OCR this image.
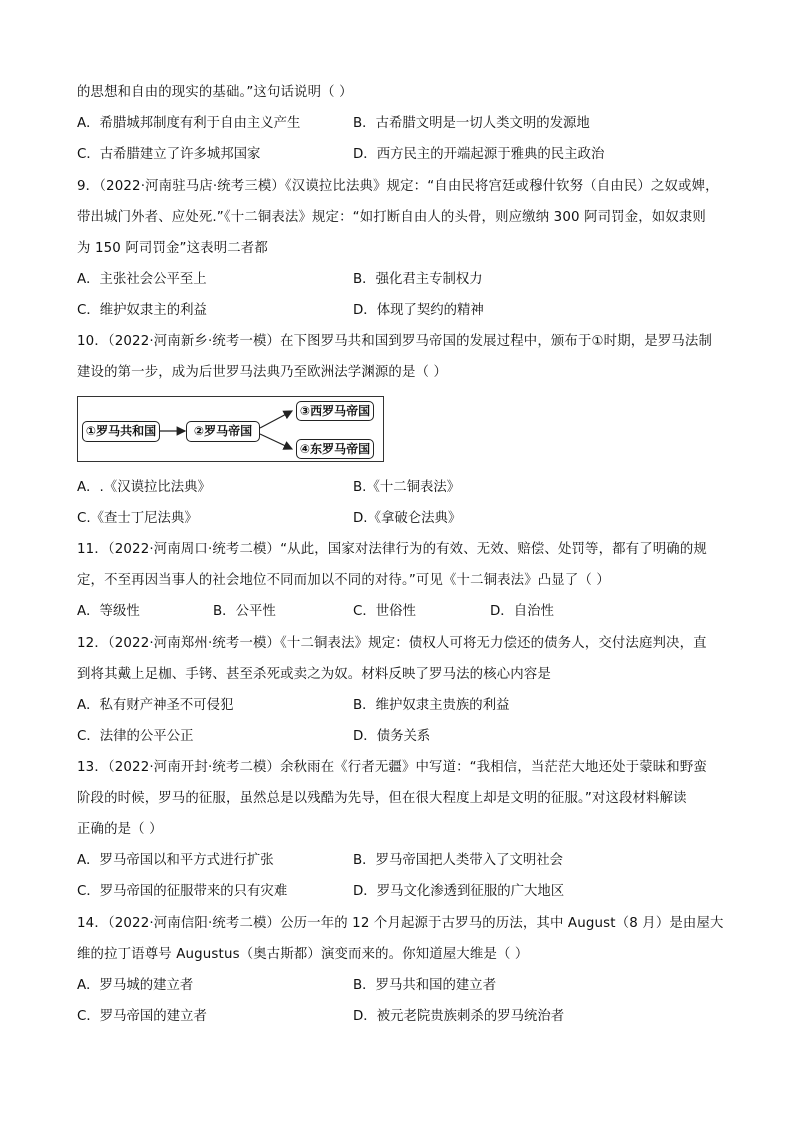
的思想和自由的现实的基础。”这句话说明（ ）
A．希腊城邦制度有利于自由主义产生	B．古希腊文明是一切人类文明的发源地
C．古希腊建立了许多城邦国家	D．西方民主的开端起源于雅典的民主政治
9．（2022·河南驻马店·统考三模）《汉谟拉比法典》规定：“自由民将宫廷或穆什钦努（自由民）之奴或婢，
带出城门外者、应处死.”《十二铜表法》规定：“如打断自由人的头骨，则应缴纳 300 阿司罚金，如奴隶则
为 150 阿司罚金”这表明二者都
A．主张社会公平至上	B．强化君主专制权力
C．维护奴隶主的利益	D．体现了契约的精神
10．（2022·河南新乡·统考一模）在下图罗马共和国到罗马帝国的发展过程中，颁布于①时期，是罗马法制
建设的第一步，成为后世罗马法典乃至欧洲法学渊源的是（ ）
①罗马共和国	②罗马帝国
③西罗马帝国
④东罗马帝国
A．.《汉谟拉比法典》	B.《十二铜表法》
C.《查士丁尼法典》	D.《拿破仑法典》
11．（2022·河南周口·统考二模）“从此，国家对法律行为的有效、无效、赔偿、处罚等，都有了明确的规
定，不至再因当事人的社会地位不同而加以不同的对待。”可见《十二铜表法》凸显了（ ）
A．等级性	B．公平性	C．世俗性	D．自治性
12．（2022·河南郑州·统考一模）《十二铜表法》规定：债权人可将无力偿还的债务人，交付法庭判决，直
到将其戴上足枷、手铐、甚至杀死或卖之为奴。材料反映了罗马法的核心内容是
A．私有财产神圣不可侵犯	B．维护奴隶主贵族的利益
C．法律的公平公正	D．债务关系
13．（2022·河南开封·统考二模）余秋雨在《行者无疆》中写道：“我相信，当茫茫大地还处于蒙昧和野蛮
阶段的时候，罗马的征服，虽然总是以残酷为先导，但在很大程度上却是文明的征服。”对这段材料解读
正确的是（ ）
A．罗马帝国以和平方式进行扩张	B．罗马帝国把人类带入了文明社会
C．罗马帝国的征服带来的只有灾难	D．罗马文化渗透到征服的广大地区
14．（2022·河南信阳·统考二模）公历一年的 12 个月起源于古罗马的历法，其中 August（8 月）是由屋大
维的拉丁语尊号 Augustus（奥古斯都）演变而来的。你知道屋大维是（ ）
A．罗马城的建立者	B．罗马共和国的建立者
C．罗马帝国的建立者	D．被元老院贵族刺杀的罗马统治者
